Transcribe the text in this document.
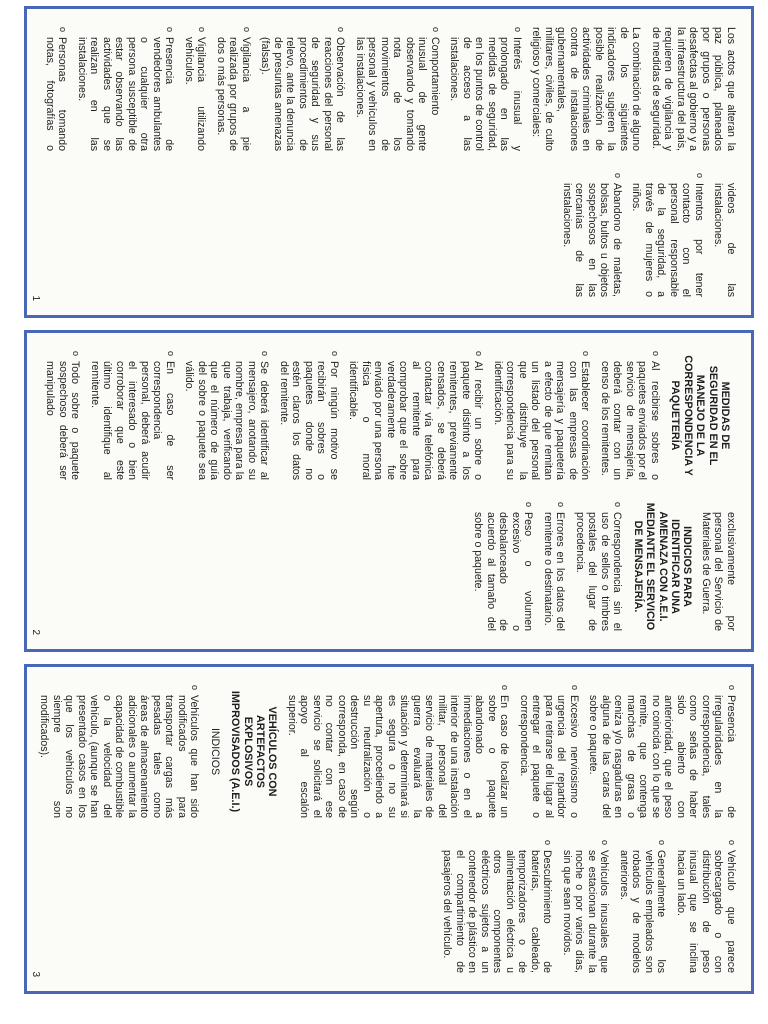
Los actos que alteran la paz pública, planeados por grupos o personas desafectas al gobierno y a la infraestructura del país, requieren de vigilancia y de medidas de seguridad.

La combinación de alguno de los siguientes indicadores sugieren la posible realización de actividades criminales en contra de instalaciones gubernamentales, militares, civiles, de culto religioso y comerciales:

o Interés inusual y prolongado en las medidas de seguridad, en los puntos de control de acceso a las instalaciones.
o Comportamiento inusual de gente observando y tomando nota de los movimientos de personal y vehículos en las instalaciones.
o Observación de las reacciones del personal de seguridad y sus procedimientos de relevo, ante la denuncia de presuntas amenazas (falsas).
o Vigilancia a pie realizada por grupos de dos o más personas.
o Vigilancia utilizando vehículos.
o Presencia de vendedores ambulantes o cualquier otra persona susceptible de estar observando las actividades que se realizan en las instalaciones.
o Personas tomando notas, fotografías o videos de las instalaciones.
o Intentos por tener contacto con el personal responsable de la seguridad, a través de mujeres o niños.
o Abandono de maletas, bolsas, bultos u objetos sospechosos en las cercanías de las instalaciones.
1
MEDIDAS DE SEGURIDAD EN EL MANEJO DE LA CORRESPONDENCIA Y PAQUETERÍA
o Al recibirse sobres o paquetes enviados por el servicio de mensajería, deberá contar con un censo de los remitentes.
o Establecer coordinación con las empresas de mensajería y paquetería a efecto de que remitan un listado del personal que distribuye la correspondencia para su identificación.
o Al recibir un sobre o paquete distinto a los remitentes, previamente censados, se deberá contactar vía telefónica al remitente para comprobar que el sobre verdaderamente fue enviado por una persona física o moral identificable.
o Por ningún motivo se recibirán sobres o paquetes donde no estén claros los datos del remitente.
o Se deberá identificar al mensajero, anotando su nombre, empresa para la que trabaja, verificando que el número de guía del sobre o paquete sea válido.
o En caso de ser correspondencia personal, deberá acudir el interesado o bien corroborar que este último identifique al remitente.
o Todo sobre o paquete sospechoso deberá ser manipulado exclusivamente por personal del Servicio de Materiales de Guerra.
INDICIOS PARA IDENTIFICAR UNA AMENAZA CON A.E.I. MEDIANTE EL SERVICIO DE MENSAJERÍA.
o Correspondencia sin el uso de sellos o timbres postales del lugar de procedencia.
o Errores en los datos del remitente o destinatario.
o Peso o volumen excesivo o desbalanceado de acuerdo al tamaño del sobre o paquete.
2
o Presencia de irregularidades en la correspondencia, tales como señas de haber sido abierto con anterioridad, que el peso no coincida con lo que se remite, que contenga manchas de grasa o ceniza y/o rasgaduras en alguna de las caras del sobre o paquete.
o Excesivo nerviosismo o urgencia del repartidor para retirarse del lugar al entregar el paquete o correspondencia.
o En caso de localizar un sobre o paquete abandonado a inmediaciones o en el interior de una instalación militar, personal del servicio de materiales de guerra evaluará la situación y determinará si es segura o no su apertura, procediendo a su neutralización o destrucción según corresponda, en caso de no contar con ese servicio se solicitará el apoyo al escalón superior.
VEHÍCULOS CON ARTEFACTOS EXPLOSIVOS IMPROVISADOS (A.E.I.)
INDICIOS
o Vehículos que han sido modificados para transportar cargas más pesadas tales como áreas de almacenamiento adicionales o aumentar la capacidad de combustible o la velocidad del vehículo, (aunque se han presentado casos en los que los vehículos no siempre son modificados).
o Vehículo que parece sobrecargado o con distribución de peso inusual que se inclina hacia un lado.
o Generalmente los vehículos empleados son robados y de modelos anteriores.
o Vehículos inusuales que se estacionan durante la noche o por varios días, sin que sean movidos.
o Descubrimiento de baterías, cableado, temporizadores o de alimentación eléctrica u otros componentes eléctricos sujetos a un contenedor de plástico en el compartimiento de pasajeros del vehículo.
3
